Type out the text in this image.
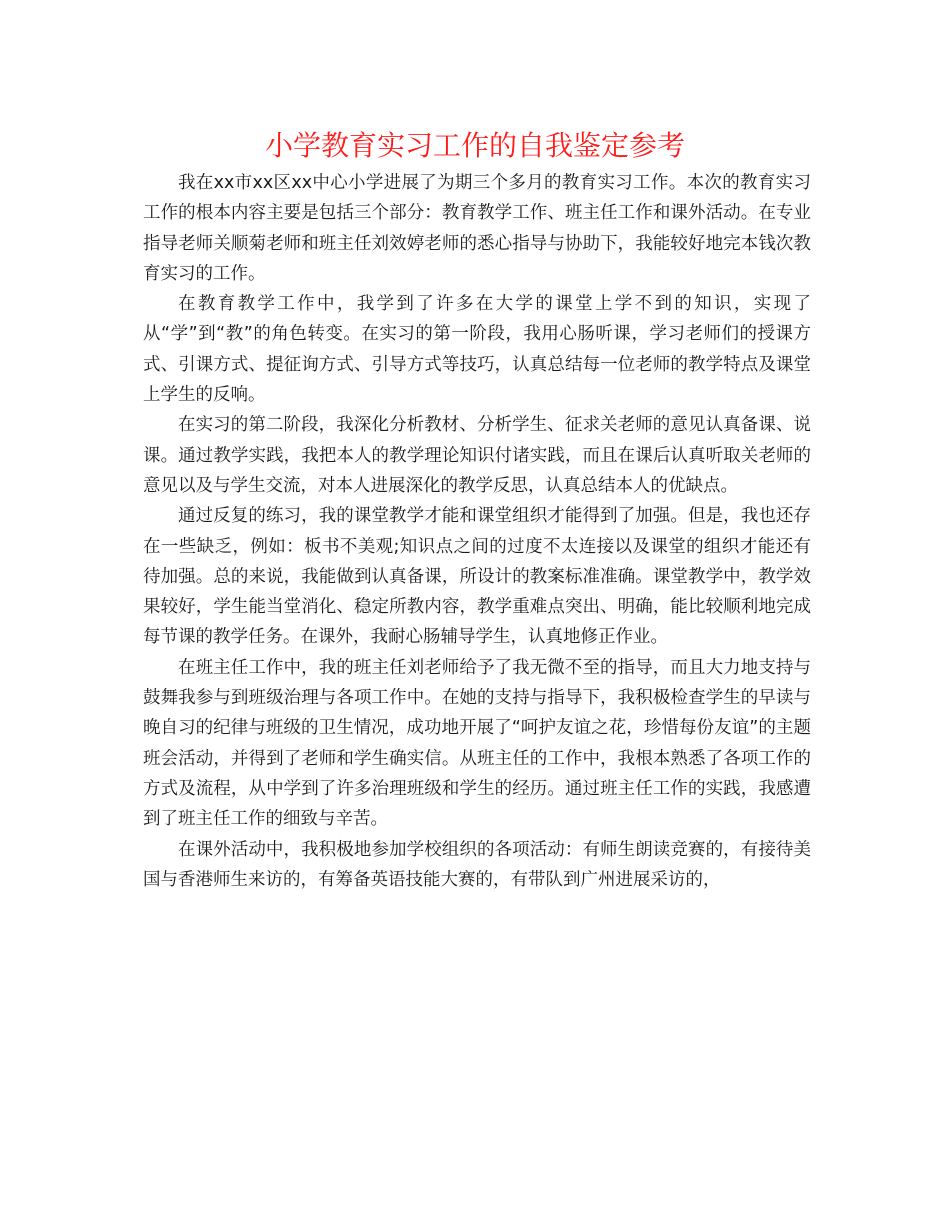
小学教育实习工作的自我鉴定参考

我在xx市xx区xx中心小学进展了为期三个多月的教育实习工作。本次的教育实习工作的根本内容主要是包括三个部分：教育教学工作、班主任工作和课外活动。在专业指导老师关顺菊老师和班主任刘效婷老师的悉心指导与协助下，我能较好地完本钱次教育实习的工作。

在教育教学工作中，我学到了许多在大学的课堂上学不到的知识，实现了从“学”到“教”的角色转变。在实习的第一阶段，我用心肠听课，学习老师们的授课方式、引课方式、提征询方式、引导方式等技巧，认真总结每一位老师的教学特点及课堂上学生的反响。

在实习的第二阶段，我深化分析教材、分析学生、征求关老师的意见认真备课、说课。通过教学实践，我把本人的教学理论知识付诸实践，而且在课后认真听取关老师的意见以及与学生交流，对本人进展深化的教学反思，认真总结本人的优缺点。

通过反复的练习，我的课堂教学才能和课堂组织才能得到了加强。但是，我也还存在一些缺乏，例如：板书不美观;知识点之间的过度不太连接以及课堂的组织才能还有待加强。总的来说，我能做到认真备课，所设计的教案标准准确。课堂教学中，教学效果较好，学生能当堂消化、稳定所教内容，教学重难点突出、明确，能比较顺利地完成每节课的教学任务。在课外，我耐心肠辅导学生，认真地修正作业。

在班主任工作中，我的班主任刘老师给予了我无微不至的指导，而且大力地支持与鼓舞我参与到班级治理与各项工作中。在她的支持与指导下，我积极检查学生的早读与晚自习的纪律与班级的卫生情况，成功地开展了“呵护友谊之花，珍惜每份友谊”的主题班会活动，并得到了老师和学生确实信。从班主任的工作中，我根本熟悉了各项工作的方式及流程，从中学到了许多治理班级和学生的经历。通过班主任工作的实践，我感遭到了班主任工作的细致与辛苦。

在课外活动中，我积极地参加学校组织的各项活动：有师生朗读竞赛的，有接待美国与香港师生来访的，有筹备英语技能大赛的，有带队到广州进展采访的，
